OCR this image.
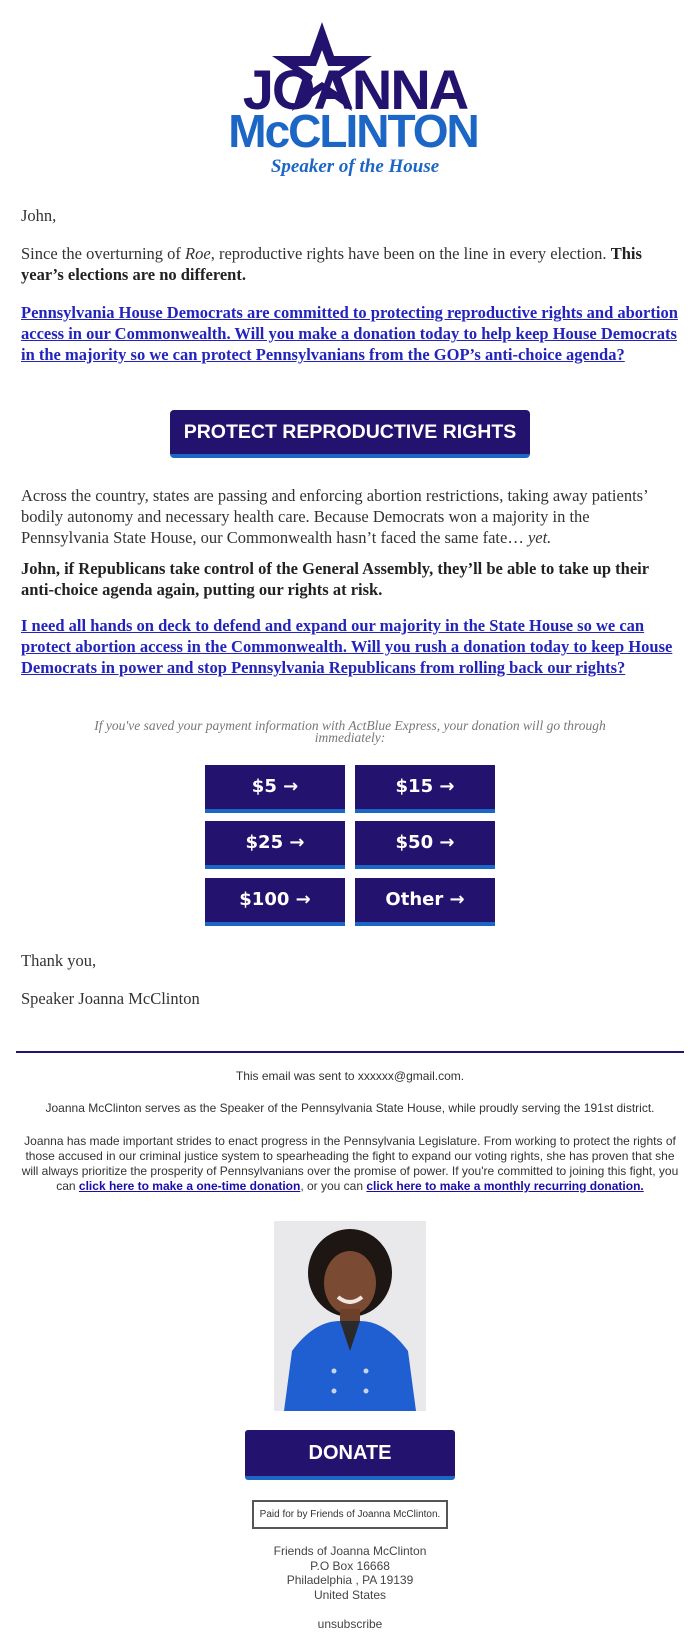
JOANNA
McCLINTON
Speaker of the House
John,
Since the overturning of Roe, reproductive rights have been on the line in every election. This year’s elections are no different.
Pennsylvania House Democrats are committed to protecting reproductive rights and abortion access in our Commonwealth. Will you make a donation today to help keep House Democrats in the majority so we can protect Pennsylvanians from the GOP’s anti-choice agenda?
PROTECT REPRODUCTIVE RIGHTS
Across the country, states are passing and enforcing abortion restrictions, taking away patients’ bodily autonomy and necessary health care. Because Democrats won a majority in the Pennsylvania State House, our Commonwealth hasn’t faced the same fate… yet.
John, if Republicans take control of the General Assembly, they’ll be able to take up their anti-choice agenda again, putting our rights at risk.
I need all hands on deck to defend and expand our majority in the State House so we can protect abortion access in the Commonwealth. Will you rush a donation today to keep House Democrats in power and stop Pennsylvania Republicans from rolling back our rights?
If you've saved your payment information with ActBlue Express, your donation will go through
immediately:
$5 →	$15 →
$25 →	$50 →
$100 →	Other →
Thank you,
Speaker Joanna McClinton
This email was sent to xxxxxx@gmail.com.
Joanna McClinton serves as the Speaker of the Pennsylvania State House, while proudly serving the 191st district.
Joanna has made important strides to enact progress in the Pennsylvania Legislature. From working to protect the rights of those accused in our criminal justice system to spearheading the fight to expand our voting rights, she has proven that she will always prioritize the prosperity of Pennsylvanians over the promise of power. If you're committed to joining this fight, you can click here to make a one-time donation, or you can click here to make a monthly recurring donation.
DONATE
Paid for by Friends of Joanna McClinton.
Friends of Joanna McClinton
P.O Box 16668
Philadelphia , PA 19139
United States
unsubscribe
